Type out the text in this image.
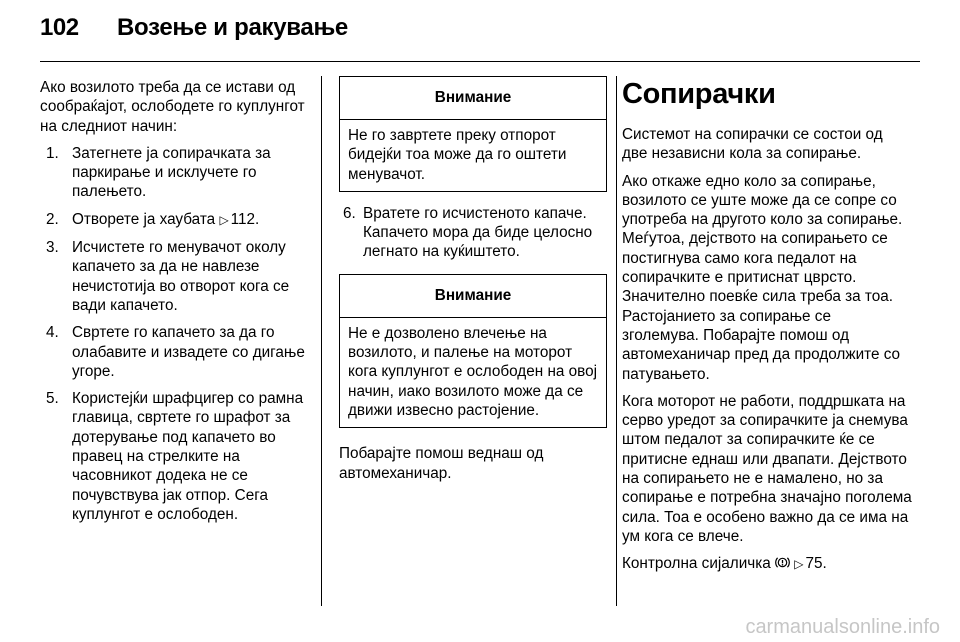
102 Возење и ракување

Ако возилото треба да се истави од сообраќајот, ослободете го куплунгот на следниот начин:

1. Затегнете ја сопирачката за паркирање и исклучете го палењето.
2. Отворете ја хаубата ▷ 112.
3. Исчистете го менувачот околу капачето за да не навлезе нечистотија во отворот кога се вади капачето.
4. Свртете го капачето за да го олабавите и извадете со дигање угоре.
5. Користејќи шрафцигер со рамна главица, свртете го шрафот за дотерување под капачето во правец на стрелките на часовникот додека не се почувствува јак отпор. Сега куплунгот е ослободен.
Внимание
Не го завртете преку отпорот бидејќи тоа може да го оштети менувачот.
6. Вратете го исчистеното капаче. Капачето мора да биде целосно легнато на куќиштето.
Внимание
Не е дозволено влечење на возилото, и палење на моторот кога куплунгот е ослободен на овој начин, иако возилото може да се движи извесно растојение.

Побарајте помош веднаш од автомеханичар.

Сопирачки

Системот на сопирачки се состои од две независни кола за сопирање.

Ако откаже едно коло за сопирање, возилото се уште може да се сопре со употреба на другото коло за сопирање. Меѓутоа, дејството на сопирањето се постигнува само кога педалот на сопирачките е притиснат цврсто. Значително поевќе сила треба за тоа. Растојанието за сопирање се зголемува. Побарајте помош од автомеханичар пред да продолжите со патувањето.

Кога моторот не работи, поддршката на серво уредот за сопирачките ја снемува штом педалот за сопирачките ќе се притисне еднаш или двапати. Дејството на сопирањето не е намалено, но за сопирање е потребна значајно поголема сила. Тоа е особено важно да се има на ум кога се влече.

Контролна сијаличка ▷ 75.

carmanualsonline.info
